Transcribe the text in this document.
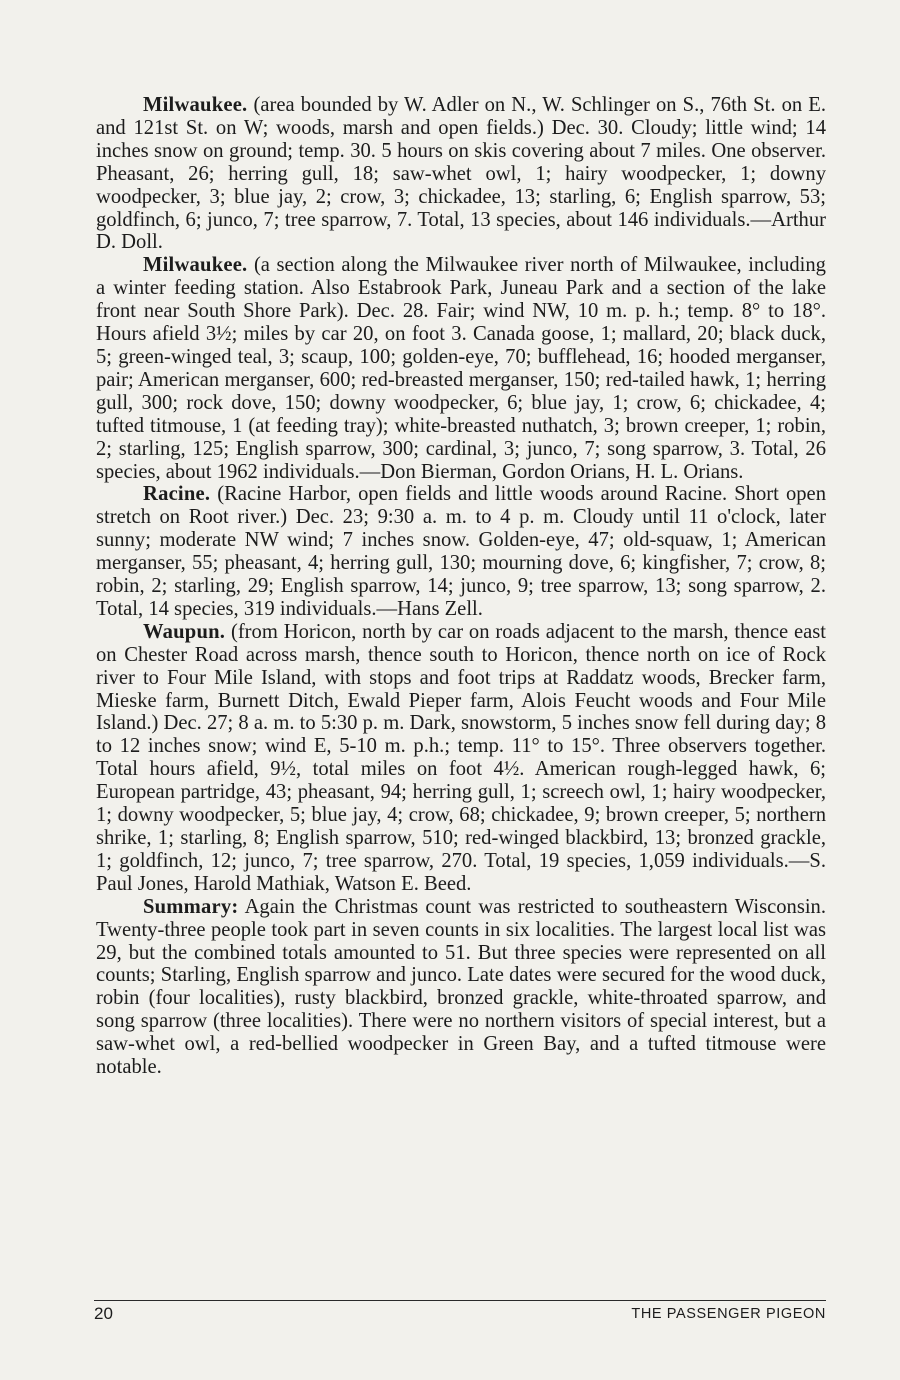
Milwaukee. (area bounded by W. Adler on N., W. Schlinger on S., 76th St. on E. and 121st St. on W; woods, marsh and open fields.) Dec. 30. Cloudy; little wind; 14 inches snow on ground; temp. 30. 5 hours on skis covering about 7 miles. One observer. Pheasant, 26; herring gull, 18; saw-whet owl, 1; hairy woodpecker, 1; downy woodpecker, 3; blue jay, 2; crow, 3; chickadee, 13; starling, 6; English sparrow, 53; goldfinch, 6; junco, 7; tree sparrow, 7. Total, 13 species, about 146 individuals.—Arthur D. Doll.

Milwaukee. (a section along the Milwaukee river north of Milwaukee, including a winter feeding station. Also Estabrook Park, Juneau Park and a section of the lake front near South Shore Park). Dec. 28. Fair; wind NW, 10 m. p. h.; temp. 8° to 18°. Hours afield 3½; miles by car 20, on foot 3. Canada goose, 1; mallard, 20; black duck, 5; green-winged teal, 3; scaup, 100; golden-eye, 70; bufflehead, 16; hooded merganser, pair; American merganser, 600; red-breasted merganser, 150; red-tailed hawk, 1; herring gull, 300; rock dove, 150; downy woodpecker, 6; blue jay, 1; crow, 6; chickadee, 4; tufted titmouse, 1 (at feeding tray); white-breasted nuthatch, 3; brown creeper, 1; robin, 2; starling, 125; English sparrow, 300; cardinal, 3; junco, 7; song sparrow, 3. Total, 26 species, about 1962 individuals.—Don Bierman, Gordon Orians, H. L. Orians.

Racine. (Racine Harbor, open fields and little woods around Racine. Short open stretch on Root river.) Dec. 23; 9:30 a. m. to 4 p. m. Cloudy until 11 o'clock, later sunny; moderate NW wind; 7 inches snow. Golden-eye, 47; old-squaw, 1; American merganser, 55; pheasant, 4; herring gull, 130; mourning dove, 6; kingfisher, 7; crow, 8; robin, 2; starling, 29; English sparrow, 14; junco, 9; tree sparrow, 13; song sparrow, 2. Total, 14 species, 319 individuals.—Hans Zell.

Waupun. (from Horicon, north by car on roads adjacent to the marsh, thence east on Chester Road across marsh, thence south to Horicon, thence north on ice of Rock river to Four Mile Island, with stops and foot trips at Raddatz woods, Brecker farm, Mieske farm, Burnett Ditch, Ewald Pieper farm, Alois Feucht woods and Four Mile Island.) Dec. 27; 8 a. m. to 5:30 p. m. Dark, snowstorm, 5 inches snow fell during day; 8 to 12 inches snow; wind E, 5-10 m. p.h.; temp. 11° to 15°. Three observers together. Total hours afield, 9½, total miles on foot 4½. American rough-legged hawk, 6; European partridge, 43; pheasant, 94; herring gull, 1; screech owl, 1; hairy woodpecker, 1; downy woodpecker, 5; blue jay, 4; crow, 68; chickadee, 9; brown creeper, 5; northern shrike, 1; starling, 8; English sparrow, 510; red-winged blackbird, 13; bronzed grackle, 1; goldfinch, 12; junco, 7; tree sparrow, 270. Total, 19 species, 1,059 individuals.—S. Paul Jones, Harold Mathiak, Watson E. Beed.

Summary: Again the Christmas count was restricted to southeastern Wisconsin. Twenty-three people took part in seven counts in six localities. The largest local list was 29, but the combined totals amounted to 51. But three species were represented on all counts; Starling, English sparrow and junco. Late dates were secured for the wood duck, robin (four localities), rusty blackbird, bronzed grackle, white-throated sparrow, and song sparrow (three localities). There were no northern visitors of special interest, but a saw-whet owl, a red-bellied woodpecker in Green Bay, and a tufted titmouse were notable.

20	THE PASSENGER PIGEON
